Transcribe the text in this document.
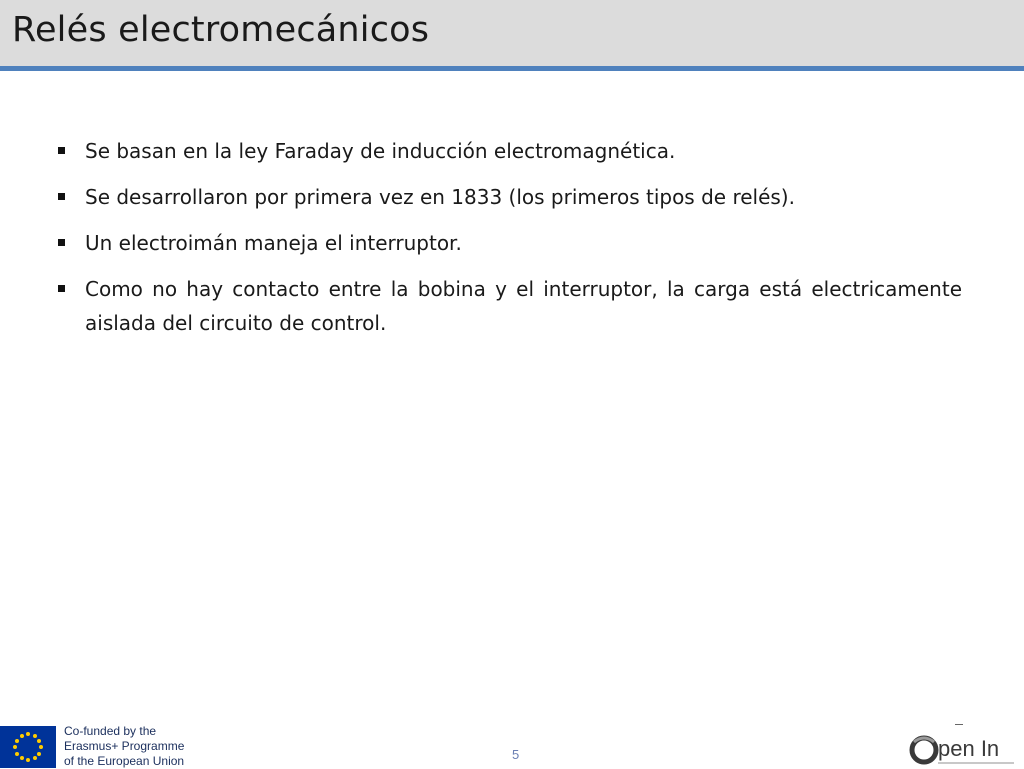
Relés electromecánicos
Se basan en la ley Faraday de inducción electromagnética.
Se desarrollaron por primera vez en 1833 (los primeros tipos de relés).
Un electroimán maneja el interruptor.
Como no hay contacto entre la bobina y el interruptor, la carga está electricamente aislada del circuito de control.
Co-funded by the
Erasmus+ Programme
of the European Union	5	pen In
